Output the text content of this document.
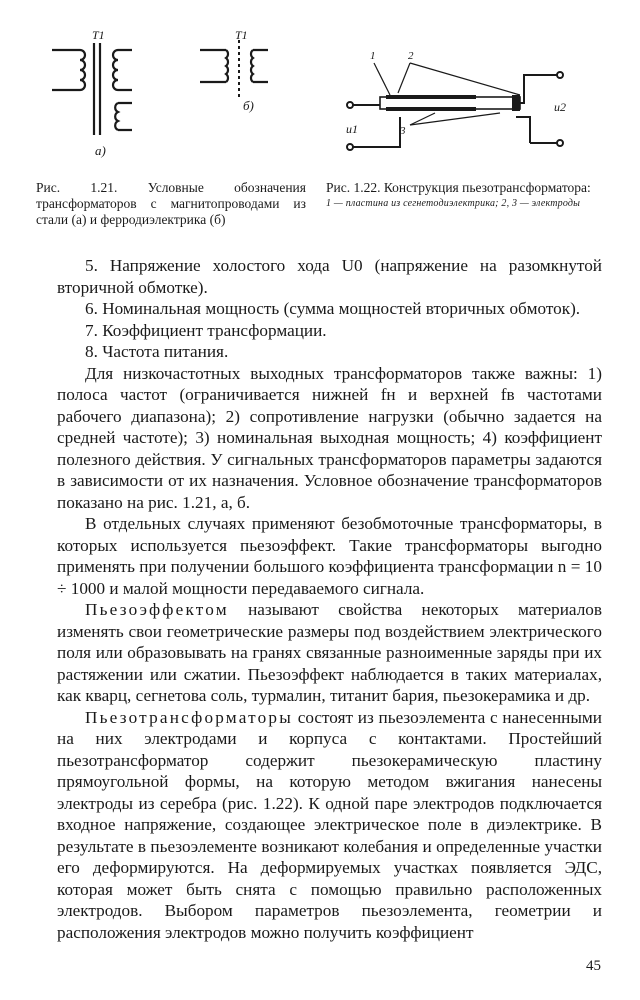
T1	T1
а)
б)
1	2
3
u1
u2
Рис. 1.21. Условные обозначения трансформаторов с магнитопроводами из стали (а) и ферродиэлектрика (б)
Рис. 1.22. Конструкция пьезотрансформатора:
1 — пластина из сегнетодиэлектрика; 2, 3 — электроды

5. Напряжение холостого хода U0 (напряжение на разомкнутой вторичной обмотке).

6. Номинальная мощность (сумма мощностей вторичных обмоток).

7. Коэффициент трансформации.

8. Частота питания.

Для низкочастотных выходных трансформаторов также важны: 1) полоса частот (ограничивается нижней fн и верхней fв частотами рабочего диапазона); 2) сопротивление нагрузки (обычно задается на средней частоте); 3) номинальная выходная мощность; 4) коэффициент полезного действия. У сигнальных трансформаторов параметры задаются в зависимости от их назначения. Условное обозначение трансформаторов показано на рис. 1.21, а, б.

В отдельных случаях применяют безобмоточные трансформаторы, в которых используется пьезоэффект. Такие трансформаторы выгодно применять при получении большого коэффициента трансформации n = 10 ÷ 1000 и малой мощности передаваемого сигнала.

Пьезоэффектом называют свойства некоторых материалов изменять свои геометрические размеры под воздействием электрического поля или образовывать на гранях связанные разноименные заряды при их растяжении или сжатии. Пьезоэффект наблюдается в таких материалах, как кварц, сегнетова соль, турмалин, титанит бария, пьезокерамика и др.

Пьезотрансформаторы состоят из пьезоэлемента с нанесенными на них электродами и корпуса с контактами. Простейший пьезотрансформатор содержит пьезокерамическую пластину прямоугольной формы, на которую методом вжигания нанесены электроды из серебра (рис. 1.22). К одной паре электродов подключается входное напряжение, создающее электрическое поле в диэлектрике. В результате в пьезоэлементе возникают колебания и определенные участки его деформируются. На деформируемых участках появляется ЭДС, которая может быть снята с помощью правильно расположенных электродов. Выбором параметров пьезоэлемента, геометрии и расположения электродов можно получить коэффициент

45
